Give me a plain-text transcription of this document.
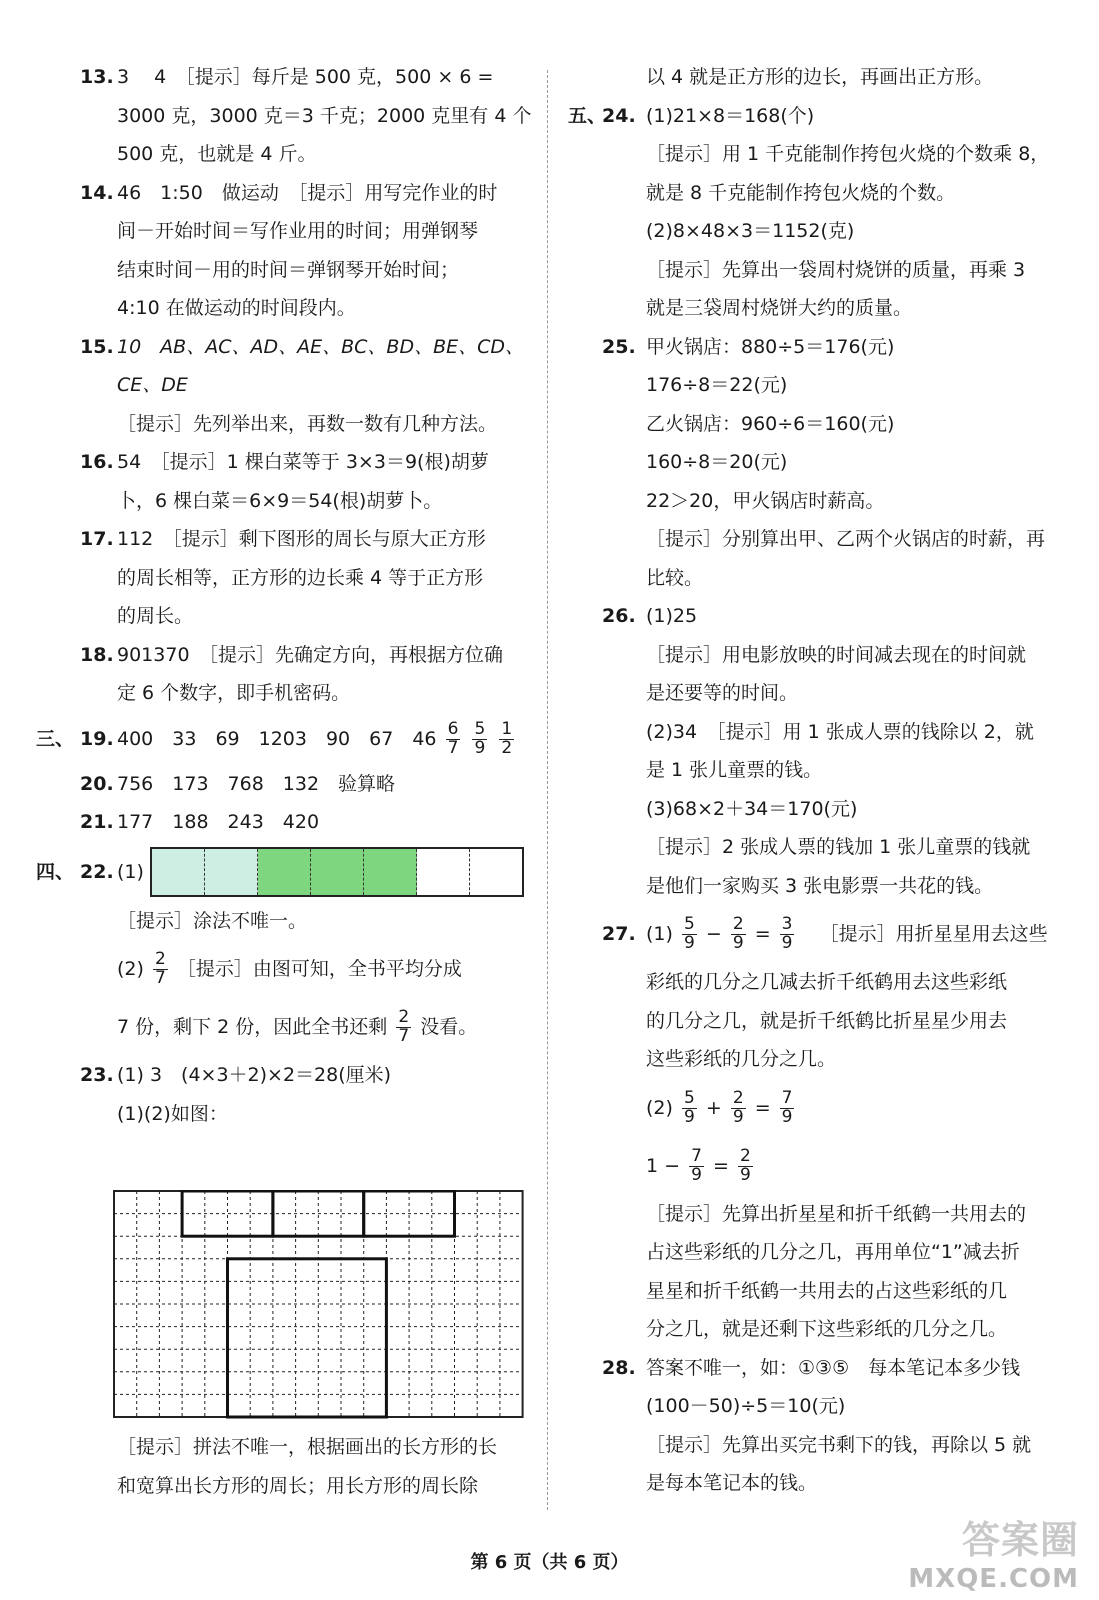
13. 3　 4　［提示］每斤是 500 克，500 × 6 =
3000 克，3000 克＝3 千克；2000 克里有 4 个
500 克，也就是 4 斤。
14. 46　1:50　做运动　［提示］用写完作业的时
间－开始时间＝写作业用的时间；用弹钢琴
结束时间－用的时间＝弹钢琴开始时间；
4:10 在做运动的时间段内。
15. 10　AB、AC、AD、AE、BC、BD、BE、CD、
CE、DE
［提示］先列举出来，再数一数有几种方法。
16. 54　［提示］1 棵白菜等于 3×3＝9(根)胡萝
卜，6 棵白菜＝6×9＝54(根)胡萝卜。
17. 112　［提示］剩下图形的周长与原大正方形
的周长相等，正方形的边长乘 4 等于正方形
的周长。
18. 901370　［提示］先确定方向，再根据方位确
定 6 个数字，即手机密码。
三、 19. 400　33　69　1203　90　67　$46 \frac{6}{7}$
$\frac{5}{9}$
$\frac{1}{2}$
20. 756　173　768　132　验算略
21. 177　188　243　420
四、 22. (1)
［提示］涂法不唯一。
$(2) \frac{2}{7}$ ［提示］由图可知，全书平均分成
7 份，剩下 2 份，因此全书还剩 $\frac{2}{7}$ 没看。
23. (1) 3　(4×3＋2)×2＝28(厘米)
(1)(2)如图：
［提示］拼法不唯一，根据画出的长方形的长
和宽算出长方形的周长；用长方形的周长除
以 4 就是正方形的边长，再画出正方形。
五、
24. (1)21×8＝168(个)
［提示］用 1 千克能制作挎包火烧的个数乘 8，
就是 8 千克能制作挎包火烧的个数。
(2)8×48×3＝1152(克)
［提示］先算出一袋周村烧饼的质量，再乘 3
就是三袋周村烧饼大约的质量。
25. 甲火锅店：880÷5＝176(元)
176÷8＝22(元)
乙火锅店：960÷6＝160(元)
160÷8＝20(元)
22＞20，甲火锅店时薪高。
［提示］分别算出甲、乙两个火锅店的时薪，再
比较。
26. (1)25
［提示］用电影放映的时间减去现在的时间就
是还要等的时间。
(2)34　［提示］用 1 张成人票的钱除以 2，就
是 1 张儿童票的钱。
(3)68×2＋34＝170(元)
［提示］2 张成人票的钱加 1 张儿童票的钱就
是他们一家购买 3 张电影票一共花的钱。
27. $(1) \frac{5}{9} - \frac{2}{9} = \frac{3}{9}$ ［提示］用折星星用去这些
彩纸的几分之几减去折千纸鹤用去这些彩纸
的几分之几，就是折千纸鹤比折星星少用去
这些彩纸的几分之几。
$(2) \frac{5}{9} + \frac{2}{9} = \frac{7}{9}$
$1 - \frac{7}{9} = \frac{2}{9}$
［提示］先算出折星星和折千纸鹤一共用去的
占这些彩纸的几分之几，再用单位“1”减去折
星星和折千纸鹤一共用去的占这些彩纸的几
分之几，就是还剩下这些彩纸的几分之几。
28. 答案不唯一，如：①③⑤　每本笔记本多少钱
(100－50)÷5＝10(元)
［提示］先算出买完书剩下的钱，再除以 5 就
是每本笔记本的钱。
第 6 页（共 6 页）
答案圈
MXQE.COM
